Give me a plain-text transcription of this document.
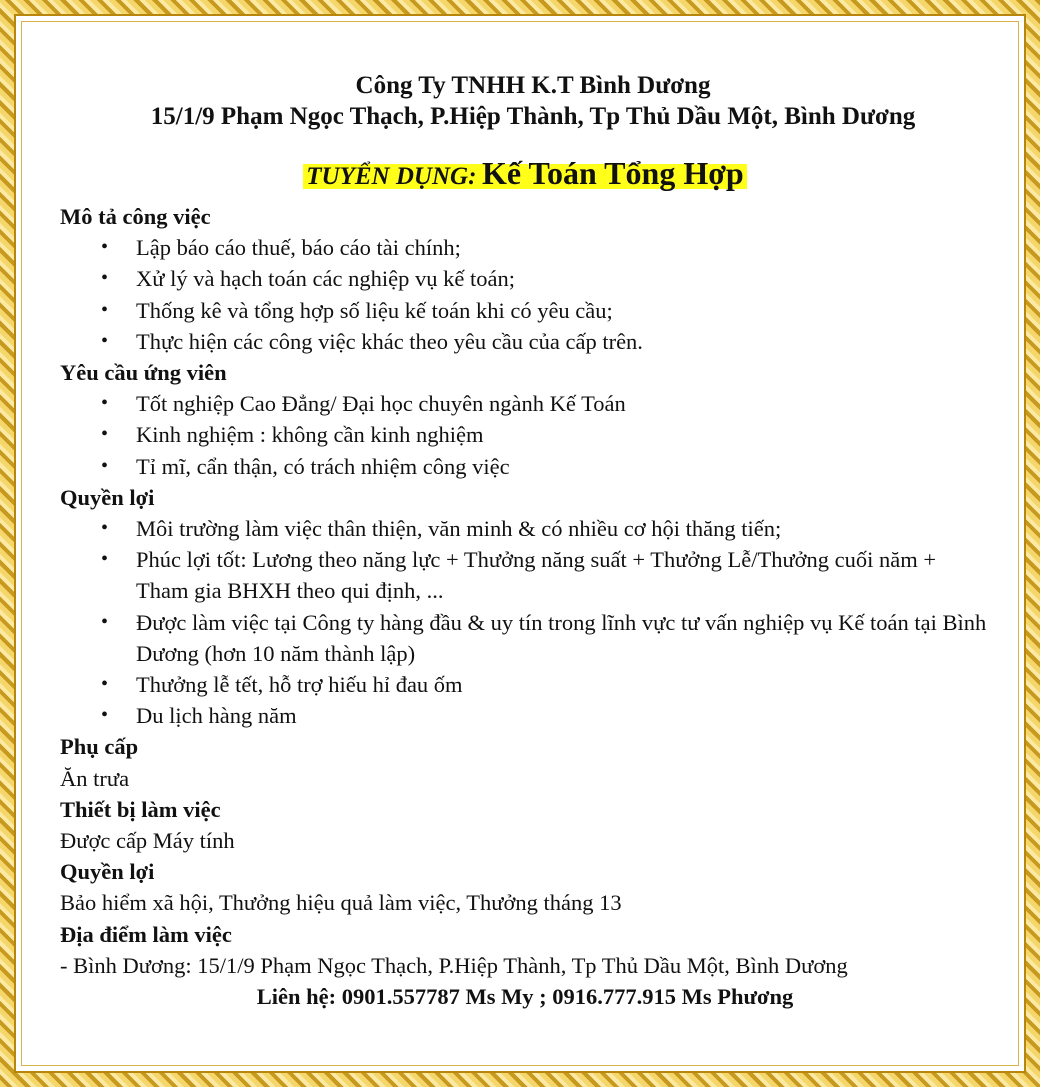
Công Ty TNHH K.T Bình Dương
15/1/9 Phạm Ngọc Thạch, P.Hiệp Thành, Tp Thủ Dầu Một, Bình Dương
TUYỂN DỤNG: Kế Toán Tổng Hợp
Mô tả công việc
• Lập báo cáo thuế, báo cáo tài chính;
• Xử lý và hạch toán các nghiệp vụ kế toán;
• Thống kê và tổng hợp số liệu kế toán khi có yêu cầu;
• Thực hiện các công việc khác theo yêu cầu của cấp trên.
Yêu cầu ứng viên
• Tốt nghiệp Cao Đẳng/ Đại học chuyên ngành Kế Toán
• Kinh nghiệm : không cần kinh nghiệm
• Tỉ mĩ, cẩn thận, có trách nhiệm công việc
Quyền lợi
• Môi trường làm việc thân thiện, văn minh & có nhiều cơ hội thăng tiến;
• Phúc lợi tốt: Lương theo năng lực + Thưởng năng suất + Thưởng Lễ/Thưởng cuối năm + Tham gia BHXH theo qui định, ...
• Được làm việc tại Công ty hàng đầu & uy tín trong lĩnh vực tư vấn nghiệp vụ Kế toán tại Bình Dương (hơn 10 năm thành lập)
• Thưởng lễ tết, hỗ trợ hiếu hỉ đau ốm
• Du lịch hàng năm
Phụ cấp

Ăn trưa

Thiết bị làm việc

Được cấp Máy tính

Quyền lợi

Bảo hiểm xã hội, Thưởng hiệu quả làm việc, Thưởng tháng 13

Địa điểm làm việc

- Bình Dương: 15/1/9 Phạm Ngọc Thạch, P.Hiệp Thành, Tp Thủ Dầu Một, Bình Dương

Liên hệ: 0901.557787 Ms My ; 0916.777.915 Ms Phương
